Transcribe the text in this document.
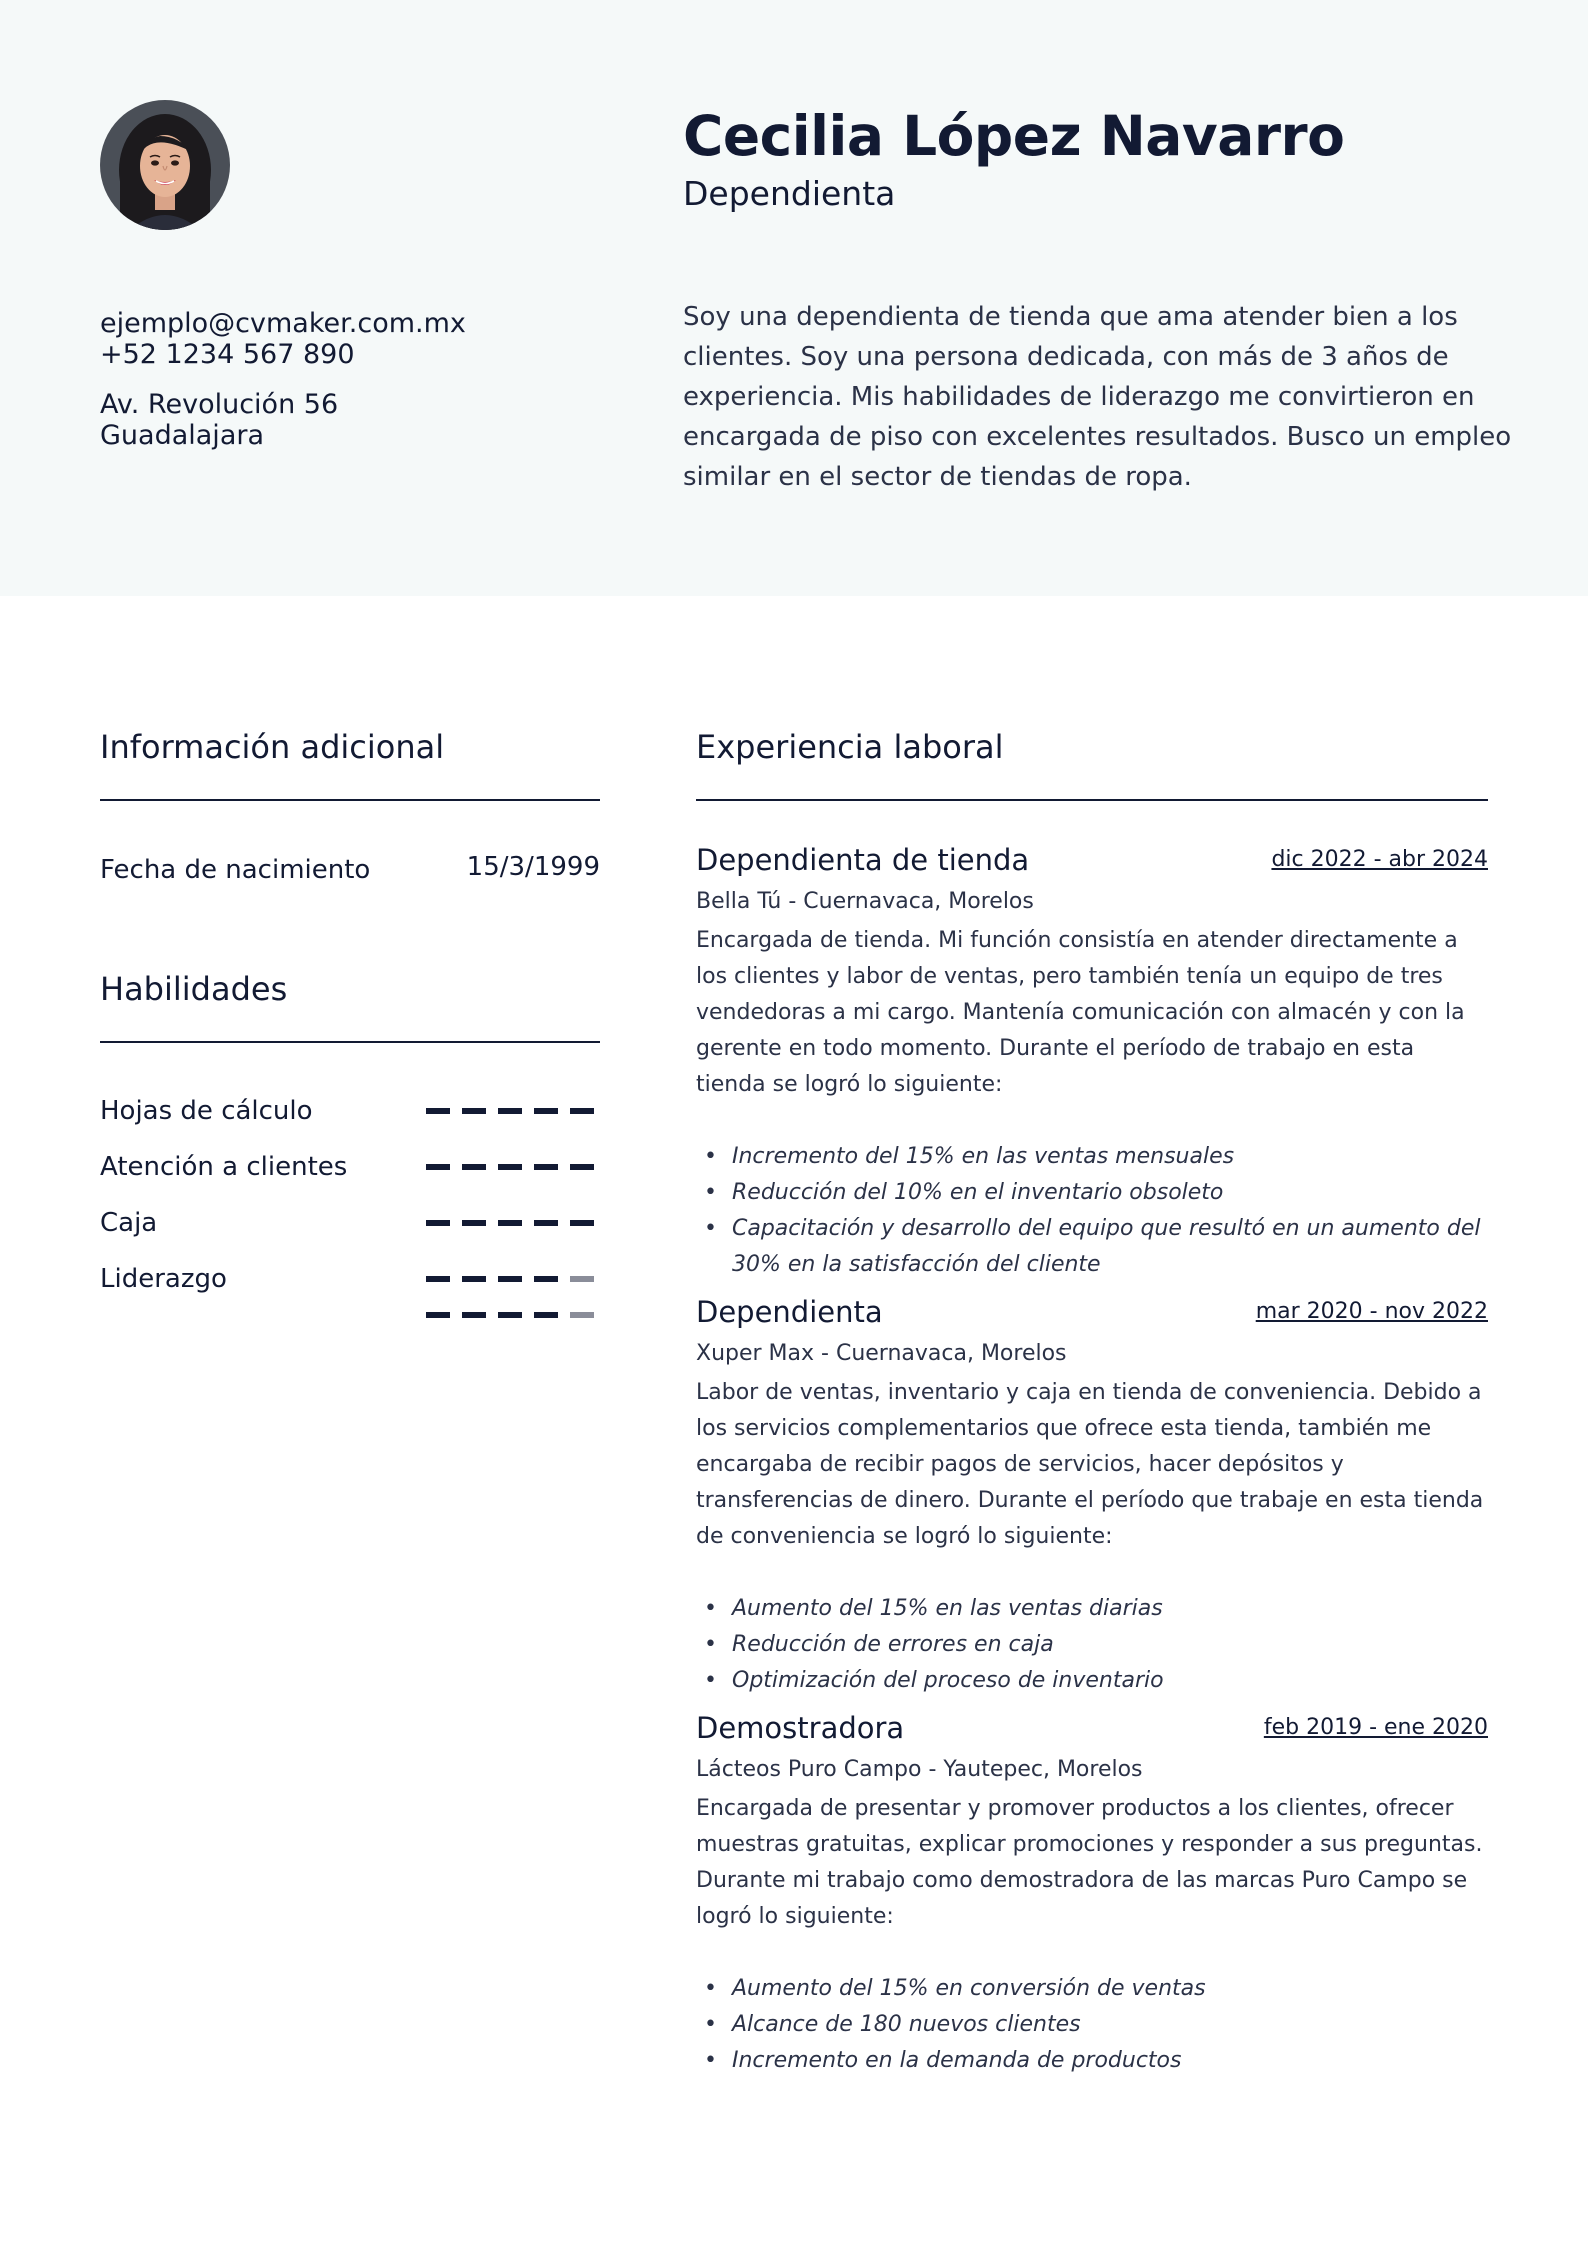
ejemplo@cvmaker.com.mx
+52 1234 567 890
Av. Revolución 56
Guadalajara
Cecilia López Navarro
Dependienta
Soy una dependienta de tienda que ama atender bien a los clientes. Soy una persona dedicada, con más de 3 años de experiencia. Mis habilidades de liderazgo me convirtieron en encargada de piso con excelentes resultados. Busco un empleo similar en el sector de tiendas de ropa.
Información adicional
Fecha de nacimiento	15/3/1999
Habilidades
Hojas de cálculo
Atención a clientes
Caja
Liderazgo
Experiencia laboral
Dependienta de tienda	dic 2022 - abr 2024
Bella Tú - Cuernavaca, Morelos
Encargada de tienda. Mi función consistía en atender directamente a los clientes y labor de ventas, pero también tenía un equipo de tres vendedoras a mi cargo. Mantenía comunicación con almacén y con la gerente en todo momento. Durante el período de trabajo en esta tienda se logró lo siguiente:
• Incremento del 15% en las ventas mensuales
• Reducción del 10% en el inventario obsoleto
• Capacitación y desarrollo del equipo que resultó en un aumento del 30% en la satisfacción del cliente
Dependienta	mar 2020 - nov 2022
Xuper Max - Cuernavaca, Morelos
Labor de ventas, inventario y caja en tienda de conveniencia. Debido a los servicios complementarios que ofrece esta tienda, también me encargaba de recibir pagos de servicios, hacer depósitos y transferencias de dinero. Durante el período que trabaje en esta tienda de conveniencia se logró lo siguiente:
• Aumento del 15% en las ventas diarias
• Reducción de errores en caja
• Optimización del proceso de inventario
Demostradora	feb 2019 - ene 2020
Lácteos Puro Campo - Yautepec, Morelos
Encargada de presentar y promover productos a los clientes, ofrecer muestras gratuitas, explicar promociones y responder a sus preguntas. Durante mi trabajo como demostradora de las marcas Puro Campo se logró lo siguiente:
• Aumento del 15% en conversión de ventas
• Alcance de 180 nuevos clientes
• Incremento en la demanda de productos
